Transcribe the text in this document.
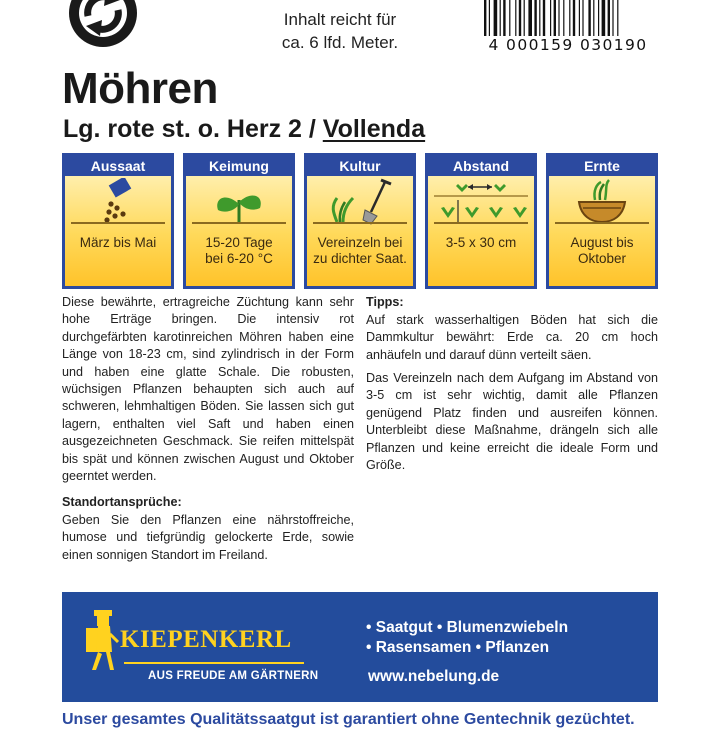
Inhalt reicht für
ca. 6 lfd. Meter.	4 000159 030190
Möhren
Lg. rote st. o. Herz 2 / Vollenda
Aussaat
März bis Mai
Keimung
15-20 Tage
bei 6-20 °C
Kultur
Vereinzeln bei
zu dichter Saat.
Abstand
3-5 x 30 cm
Ernte
August bis
Oktober
Diese bewährte, ertragreiche Züchtung kann sehr hohe Erträge bringen. Die intensiv rot durchgefärbten karotinreichen Möhren haben eine Länge von 18-23 cm, sind zylindrisch in der Form und haben eine glatte Schale. Die robusten, wüchsigen Pflanzen behaupten sich auch auf schweren, lehmhaltigen Böden. Sie lassen sich gut lagern, enthalten viel Saft und haben einen ausgezeichneten Geschmack. Sie reifen mittelspät bis spät und können zwischen August und Oktober geerntet werden.
Standortansprüche:
Geben Sie den Pflanzen eine nährstoffreiche, humose und tiefgründig gelockerte Erde, sowie einen sonnigen Standort im Freiland.
Tipps:
Auf stark wasserhaltigen Böden hat sich die Dammkultur bewährt: Erde ca. 20 cm hoch anhäufeln und darauf dünn verteilt säen.
Das Vereinzeln nach dem Aufgang im Abstand von 3-5 cm ist sehr wichtig, damit alle Pflanzen genügend Platz finden und ausreifen können. Unterbleibt diese Maßnahme, drängeln sich alle Pflanzen und keine erreicht die ideale Form und Größe.
KIEPENKERL
AUS FREUDE AM GÄRTNERN
• Saatgut • Blumenzwiebeln
• Rasensamen • Pflanzen
www.nebelung.de
Unser gesamtes Qualitätssaatgut ist garantiert ohne Gentechnik gezüchtet.
